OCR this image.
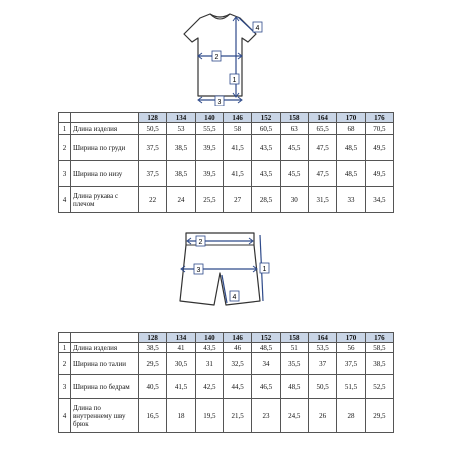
1
2
3
4
		128	134	140	146	152	158	164	170	176
1	Длина изделия	50,5	53	55,5	58	60,5	63	65,5	68	70,5
2	Ширина по груди	37,5	38,5	39,5	41,5	43,5	45,5	47,5	48,5	49,5
3	Ширина по низу	37,5	38,5	39,5	41,5	43,5	45,5	47,5	48,5	49,5
4	Длина рукава с плечом	22	24	25,5	27	28,5	30	31,5	33	34,5
1
2
3
4
		128	134	140	146	152	158	164	170	176
1	Длина изделия	38,5	41	43,5	46	48,5	51	53,5	56	58,5
2	Ширина по талии	29,5	30,5	31	32,5	34	35,5	37	37,5	38,5
3	Ширина по бедрам	40,5	41,5	42,5	44,5	46,5	48,5	50,5	51,5	52,5
4	Длина по внутреннему шву брюк	16,5	18	19,5	21,5	23	24,5	26	28	29,5
